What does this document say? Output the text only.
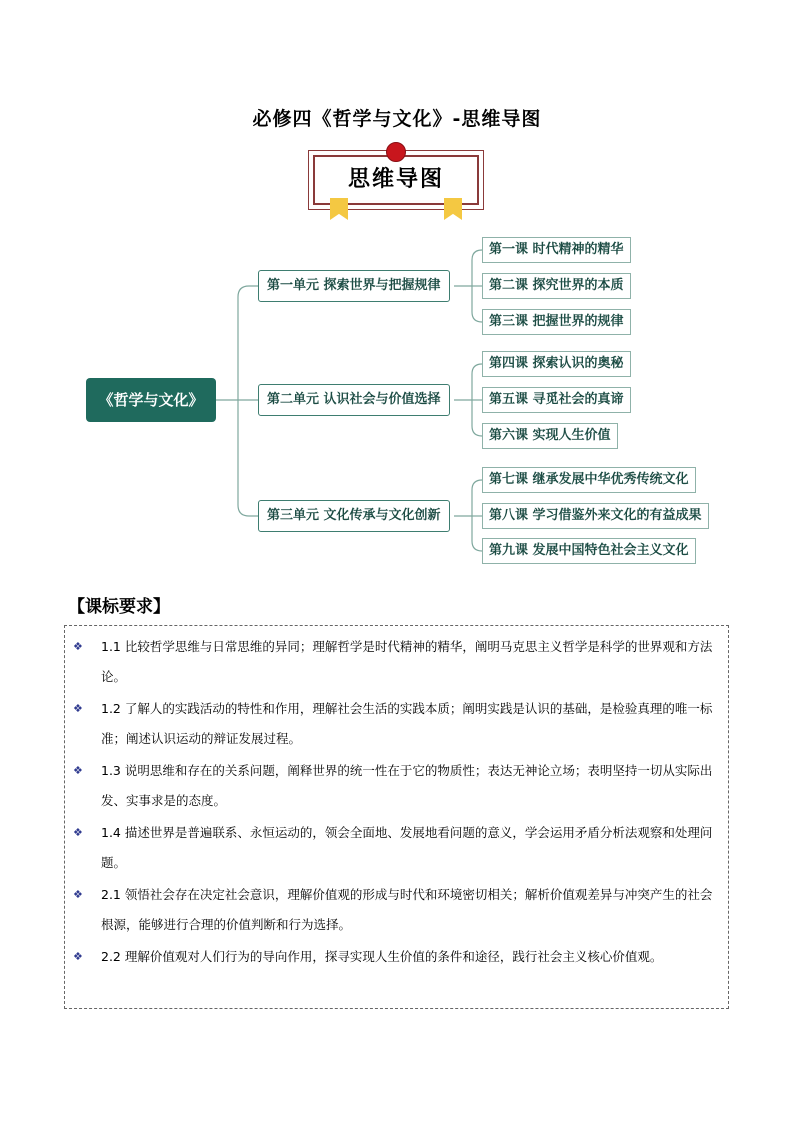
必修四《哲学与文化》-思维导图
思维导图
《哲学与文化》
第一单元 探索世界与把握规律
第二单元 认识社会与价值选择
第三单元 文化传承与文化创新
第一课 时代精神的精华
第二课 探究世界的本质
第三课 把握世界的规律
第四课 探索认识的奥秘
第五课 寻觅社会的真谛
第六课 实现人生价值
第七课 继承发展中华优秀传统文化
第八课 学习借鉴外来文化的有益成果
第九课 发展中国特色社会主义文化
【课标要求】
❖	1.1 比较哲学思维与日常思维的异同；理解哲学是时代精神的精华，阐明马克思主义哲学是科学的世界观和方法论。
❖	1.2 了解人的实践活动的特性和作用，理解社会生活的实践本质；阐明实践是认识的基础，是检验真理的唯一标准；阐述认识运动的辩证发展过程。
❖	1.3 说明思维和存在的关系问题，阐释世界的统一性在于它的物质性；表达无神论立场；表明坚持一切从实际出发、实事求是的态度。
❖	1.4 描述世界是普遍联系、永恒运动的，领会全面地、发展地看问题的意义，学会运用矛盾分析法观察和处理问题。
❖	2.1 领悟社会存在决定社会意识，理解价值观的形成与时代和环境密切相关；解析价值观差异与冲突产生的社会根源，能够进行合理的价值判断和行为选择。
❖	2.2 理解价值观对人们行为的导向作用，探寻实现人生价值的条件和途径，践行社会主义核心价值观。
